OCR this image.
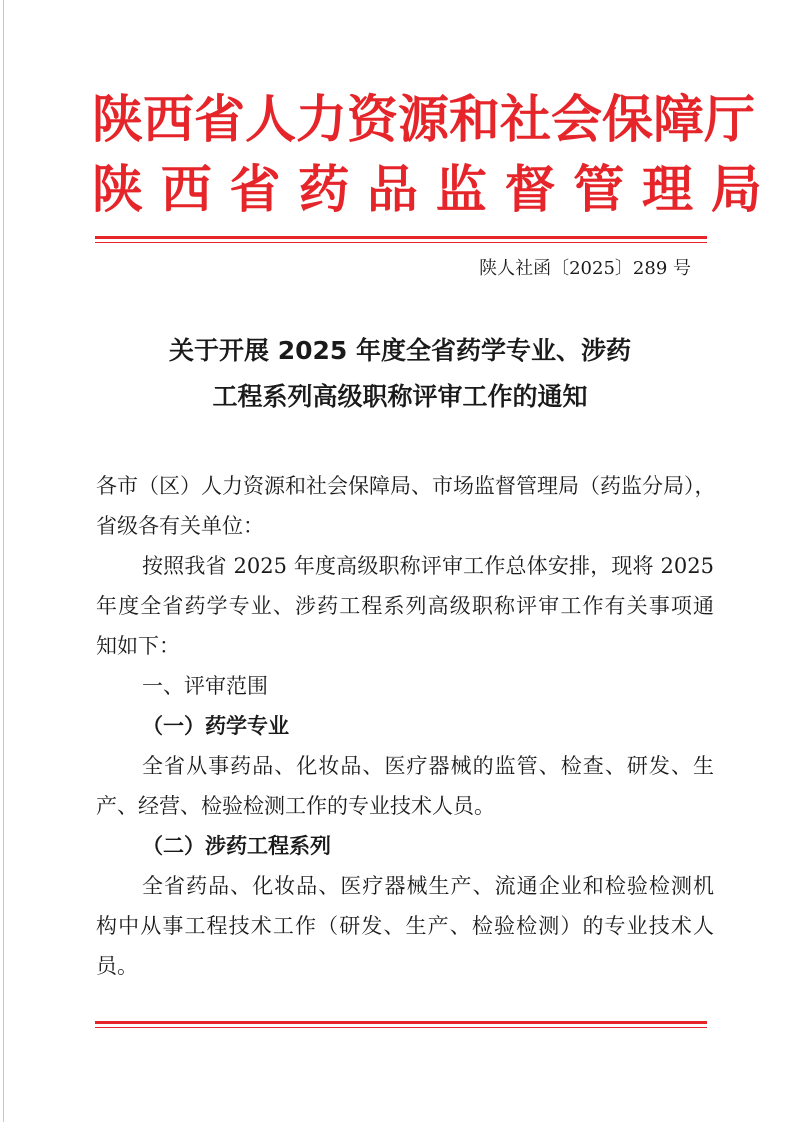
陕西省人力资源和社会保障厅
陕 西 省 药 品 监 督 管 理 局
陕人社函〔2025〕289 号
关于开展 2025 年度全省药学专业、涉药
工程系列高级职称评审工作的通知
各市（区）人力资源和社会保障局、市场监督管理局（药监分局），
省级各有关单位：
按照我省 2025 年度高级职称评审工作总体安排，现将 2025
年度全省药学专业、涉药工程系列高级职称评审工作有关事项通
知如下：
一、评审范围
（一）药学专业
全省从事药品、化妆品、医疗器械的监管、检查、研发、生
产、经营、检验检测工作的专业技术人员。
（二）涉药工程系列
全省药品、化妆品、医疗器械生产、流通企业和检验检测机
构中从事工程技术工作（研发、生产、检验检测）的专业技术人
员。
